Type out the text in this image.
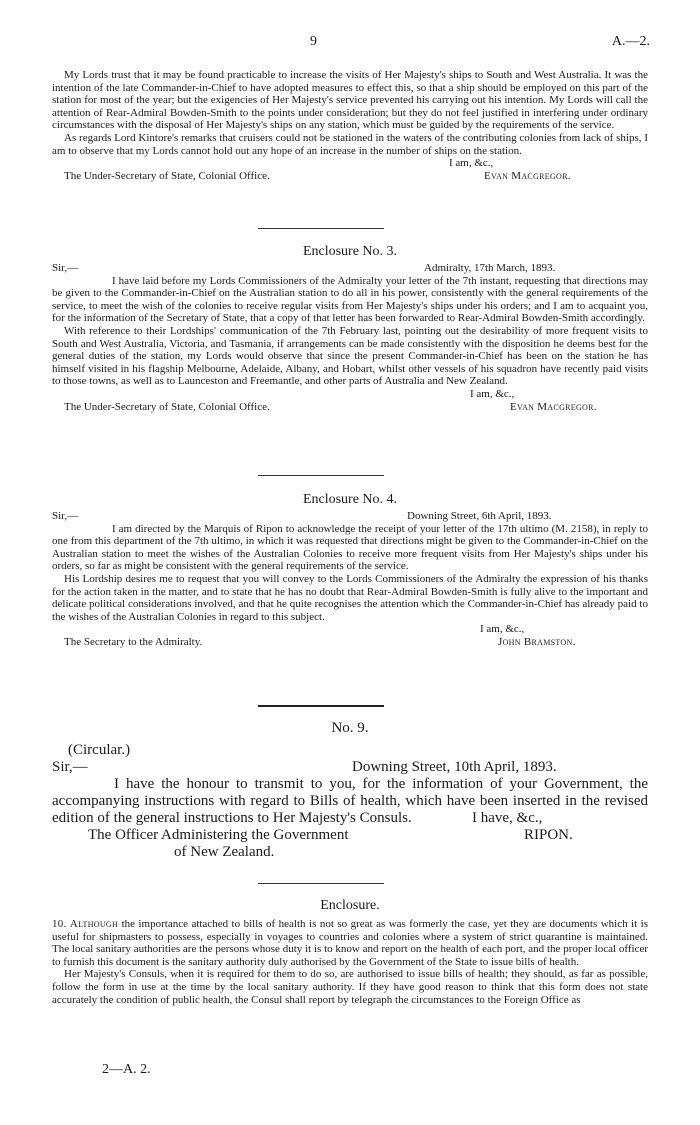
9	A.—2.

My Lords trust that it may be found practicable to increase the visits of Her Majesty's ships to South and West Australia. It was the intention of the late Commander-in-Chief to have adopted measures to effect this, so that a ship should be employed on this part of the station for most of the year; but the exigencies of Her Majesty's service prevented his carrying out his intention. My Lords will call the attention of Rear-Admiral Bowden-Smith to the points under consideration; but they do not feel justified in interfering under ordinary circumstances with the disposal of Her Majesty's ships on any station, which must be guided by the requirements of the service.

As regards Lord Kintore's remarks that cruisers could not be stationed in the waters of the contributing colonies from lack of ships, I am to observe that my Lords cannot hold out any hope of an increase in the number of ships on the station.

I am, &c.,
The Under-Secretary of State, Colonial Office.	Evan Macgregor.
Enclosure No. 3.
Sir,—	Admiralty, 17th March, 1893.

I have laid before my Lords Commissioners of the Admiralty your letter of the 7th instant, requesting that directions may be given to the Commander-in-Chief on the Australian station to do all in his power, consistently with the general requirements of the service, to meet the wish of the colonies to receive regular visits from Her Majesty's ships under his orders; and I am to acquaint you, for the information of the Secretary of State, that a copy of that letter has been forwarded to Rear-Admiral Bowden-Smith accordingly.

With reference to their Lordships' communication of the 7th February last, pointing out the desirability of more frequent visits to South and West Australia, Victoria, and Tasmania, if arrangements can be made consistently with the disposition he deems best for the general duties of the station, my Lords would observe that since the present Commander-in-Chief has been on the station he has himself visited in his flagship Melbourne, Adelaide, Albany, and Hobart, whilst other vessels of his squadron have recently paid visits to those towns, as well as to Launceston and Freemantle, and other parts of Australia and New Zealand.

I am, &c.,
The Under-Secretary of State, Colonial Office.	Evan Macgregor.
Enclosure No. 4.
Sir,—	Downing Street, 6th April, 1893.

I am directed by the Marquis of Ripon to acknowledge the receipt of your letter of the 17th ultimo (M. 2158), in reply to one from this department of the 7th ultimo, in which it was requested that directions might be given to the Commander-in-Chief on the Australian station to meet the wishes of the Australian Colonies to receive more frequent visits from Her Majesty's ships under his orders, so far as might be consistent with the general requirements of the service.

His Lordship desires me to request that you will convey to the Lords Commissioners of the Admiralty the expression of his thanks for the action taken in the matter, and to state that he has no doubt that Rear-Admiral Bowden-Smith is fully alive to the important and delicate political considerations involved, and that he quite recognises the attention which the Commander-in-Chief has already paid to the wishes of the Australian Colonies in regard to this subject.

I am, &c.,
The Secretary to the Admiralty.	John Bramston.
No. 9.
(Circular.)
Sir,—	Downing Street, 10th April, 1893.

I have the honour to transmit to you, for the information of your Government, the accompanying instructions with regard to Bills of health, which have been inserted in the revised edition of the general instructions to Her Majesty's Consuls.	I have, &c.,
The Officer Administering the Government	RIPON.
of New Zealand.
Enclosure.

10. Although the importance attached to bills of health is not so great as was formerly the case, yet they are documents which it is useful for shipmasters to possess, especially in voyages to countries and colonies where a system of strict quarantine is maintained. The local sanitary authorities are the persons whose duty it is to know and report on the health of each port, and the proper local officer to furnish this document is the sanitary authority duly authorised by the Government of the State to issue bills of health.

Her Majesty's Consuls, when it is required for them to do so, are authorised to issue bills of health; they should, as far as possible, follow the form in use at the time by the local sanitary authority. If they have good reason to think that this form does not state accurately the condition of public health, the Consul shall report by telegraph the circumstances to the Foreign Office as

2—A. 2.
